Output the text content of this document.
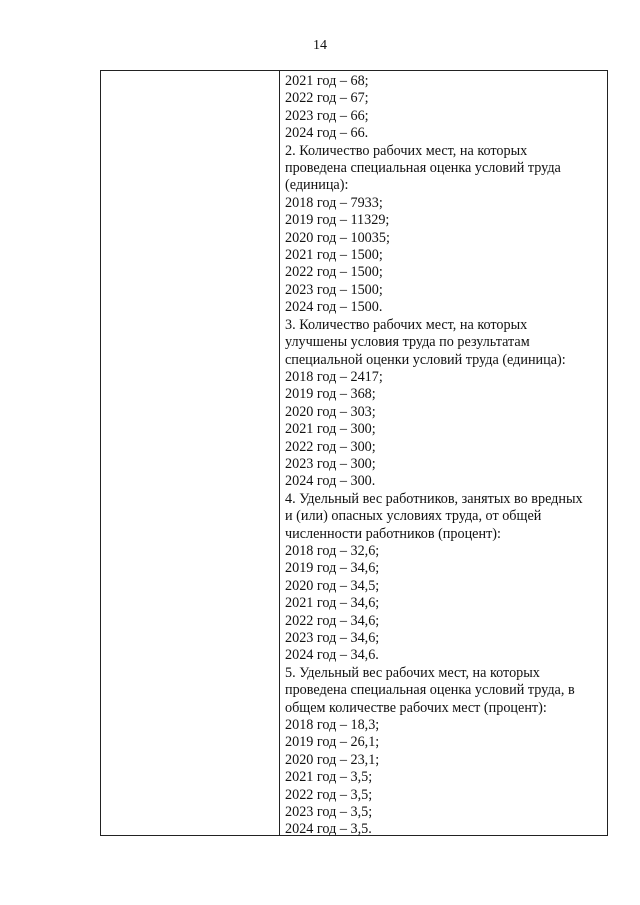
14
2021 год – 68;
2022 год – 67;
2023 год – 66;
2024 год – 66.
2. Количество рабочих мест, на которых
проведена специальная оценка условий труда
(единица):
2018 год – 7933;
2019 год – 11329;
2020 год – 10035;
2021 год – 1500;
2022 год – 1500;
2023 год – 1500;
2024 год – 1500.
3. Количество рабочих мест, на которых
улучшены условия труда по результатам
специальной оценки условий труда (единица):
2018 год – 2417;
2019 год – 368;
2020 год – 303;
2021 год – 300;
2022 год – 300;
2023 год – 300;
2024 год – 300.
4. Удельный вес работников, занятых во вредных
и (или) опасных условиях труда, от общей
численности работников (процент):
2018 год – 32,6;
2019 год – 34,6;
2020 год – 34,5;
2021 год – 34,6;
2022 год – 34,6;
2023 год – 34,6;
2024 год – 34,6.
5. Удельный вес рабочих мест, на которых
проведена специальная оценка условий труда, в
общем количестве рабочих мест (процент):
2018 год – 18,3;
2019 год – 26,1;
2020 год – 23,1;
2021 год – 3,5;
2022 год – 3,5;
2023 год – 3,5;
2024 год – 3,5.
